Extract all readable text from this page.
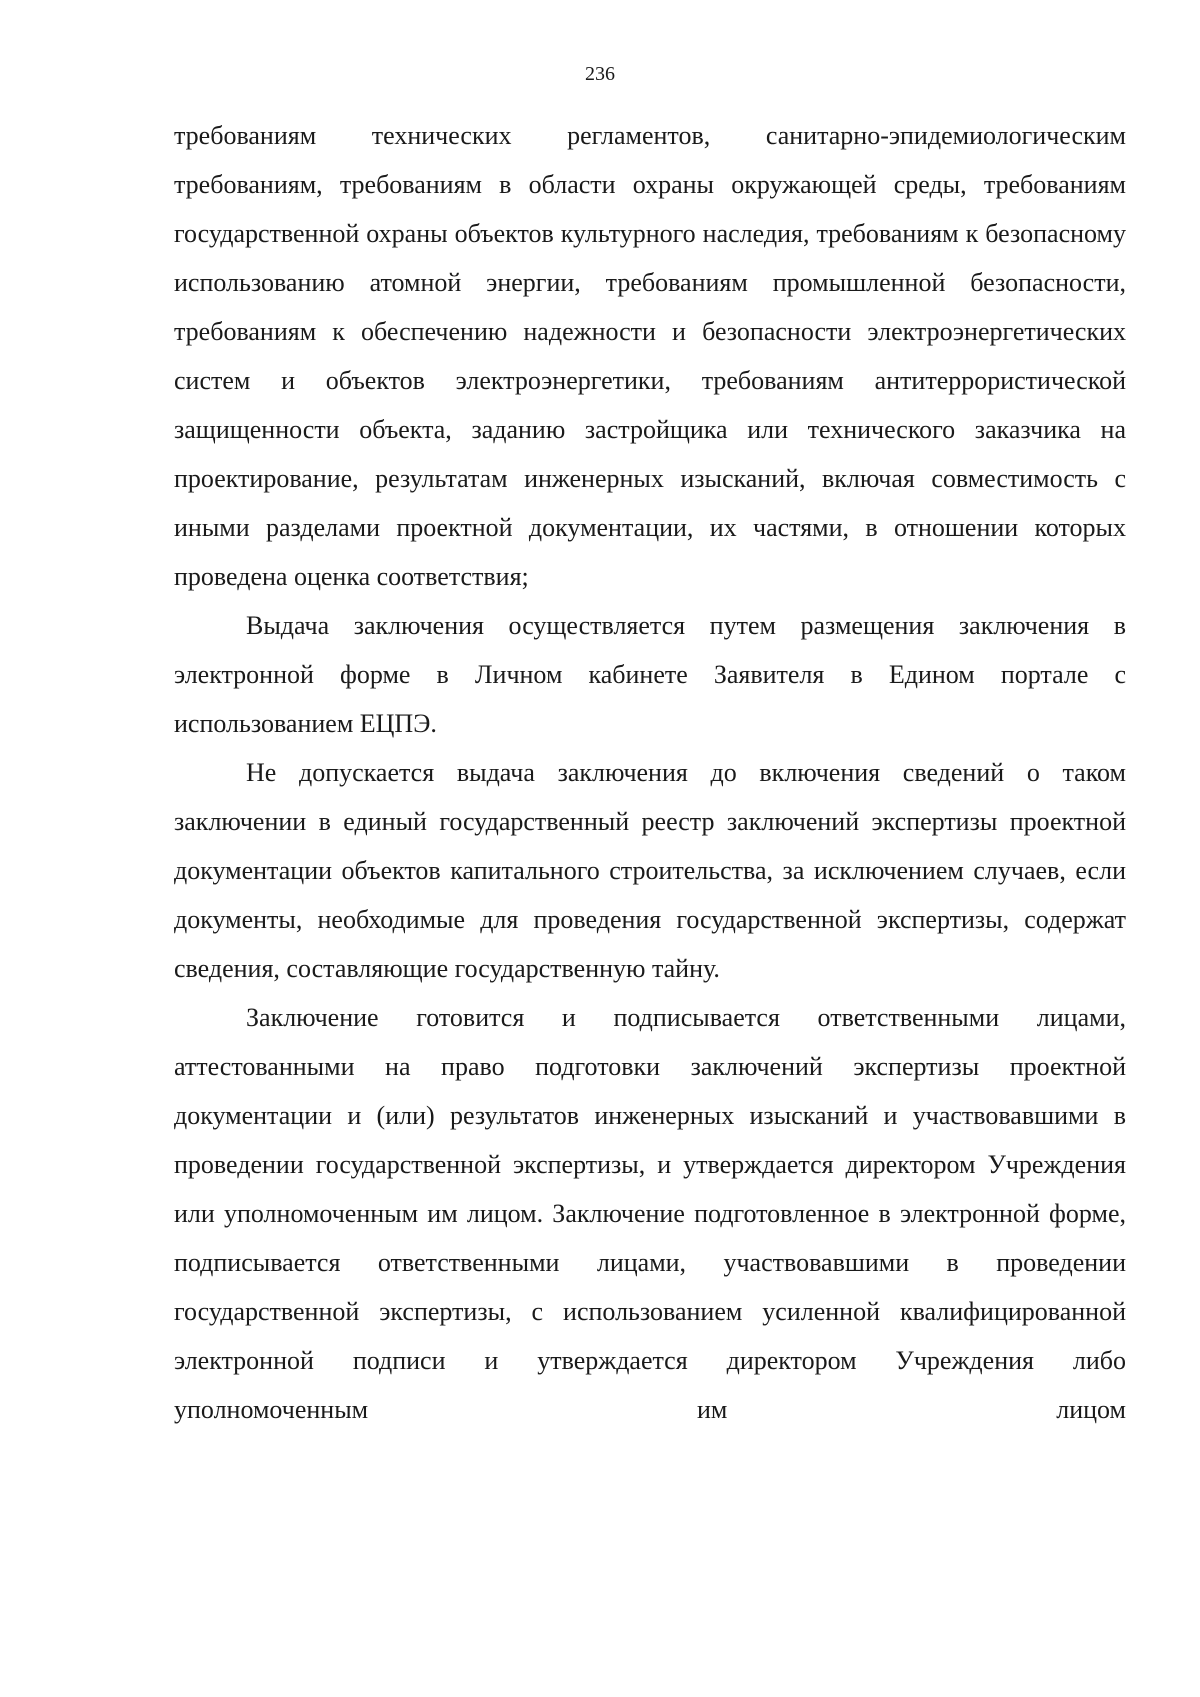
236

требованиям технических регламентов, санитарно-эпидемиологическим требованиям, требованиям в области охраны окружающей среды, требованиям государственной охраны объектов культурного наследия, требованиям к безопасному использованию атомной энергии, требованиям промышленной безопасности, требованиям к обеспечению надежности и безопасности электроэнергетических систем и объектов электроэнергетики, требованиям антитеррористической защищенности объекта, заданию застройщика или технического заказчика на проектирование, результатам инженерных изысканий, включая совместимость с иными разделами проектной документации, их частями, в отношении которых проведена оценка соответствия;

Выдача заключения осуществляется путем размещения заключения в электронной форме в Личном кабинете Заявителя в Едином портале с использованием ЕЦПЭ.

Не допускается выдача заключения до включения сведений о таком заключении в единый государственный реестр заключений экспертизы проектной документации объектов капитального строительства, за исключением случаев, если документы, необходимые для проведения государственной экспертизы, содержат сведения, составляющие государственную тайну.

Заключение готовится и подписывается ответственными лицами, аттестованными на право подготовки заключений экспертизы проектной документации и (или) результатов инженерных изысканий и участвовавшими в проведении государственной экспертизы, и утверждается директором Учреждения или уполномоченным им лицом. Заключение подготовленное в электронной форме, подписывается ответственными лицами, участвовавшими в проведении государственной экспертизы, с использованием усиленной квалифицированной электронной подписи и утверждается директором Учреждения либо уполномоченным им лицом
